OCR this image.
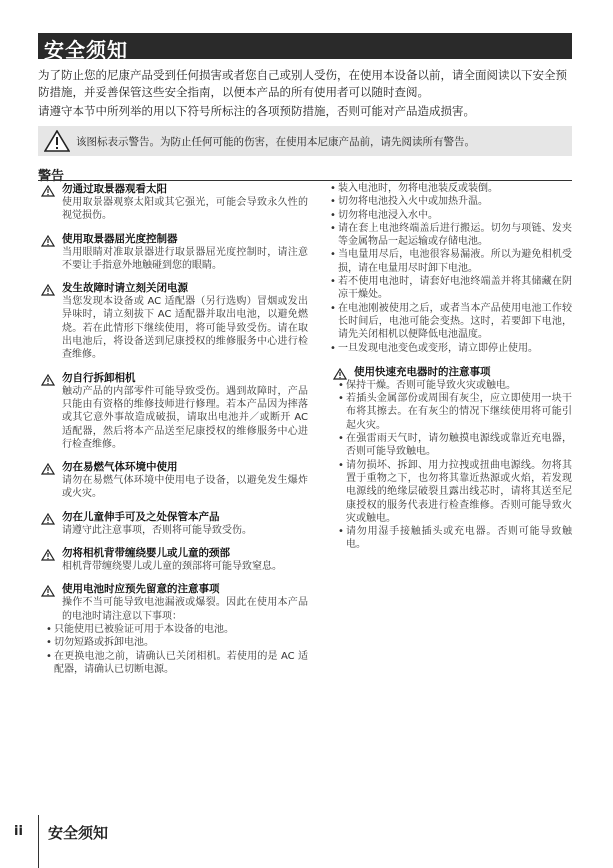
安全须知
为了防止您的尼康产品受到任何损害或者您自己或别人受伤，在使用本设备以前，请全面阅读以下安全预防措施，并妥善保管这些安全指南，以便本产品的所有使用者可以随时查阅。
请遵守本节中所列举的用以下符号所标注的各项预防措施，否则可能对产品造成损害。
该图标表示警告。为防止任何可能的伤害，在使用本尼康产品前，请先阅读所有警告。
警告
勿通过取景器观看太阳
使用取景器观察太阳或其它强光，可能会导致永久性的视觉损伤。
使用取景器屈光度控制器
当用眼睛对准取景器进行取景器屈光度控制时，请注意不要让手指意外地触碰到您的眼睛。
发生故障时请立刻关闭电源
当您发现本设备或 AC 适配器（另行选购）冒烟或发出异味时，请立刻拔下 AC 适配器并取出电池，以避免燃烧。若在此情形下继续使用，将可能导致受伤。请在取出电池后，将设备送到尼康授权的维修服务中心进行检查维修。
勿自行拆卸相机
触动产品的内部零件可能导致受伤。遇到故障时，产品只能由有资格的维修技师进行修理。若本产品因为摔落或其它意外事故造成破损，请取出电池并／或断开 AC 适配器，然后将本产品送至尼康授权的维修服务中心进行检查维修。
勿在易燃气体环境中使用
请勿在易燃气体环境中使用电子设备，以避免发生爆炸或火灾。
勿在儿童伸手可及之处保管本产品
请遵守此注意事项，否则将可能导致受伤。
勿将相机背带缠绕婴儿或儿童的颈部
相机背带缠绕婴儿或儿童的颈部将可能导致窒息。
使用电池时应预先留意的注意事项
操作不当可能导致电池漏液或爆裂。因此在使用本产品的电池时请注意以下事项：
• 只能使用已被验证可用于本设备的电池。
• 切勿短路或拆卸电池。
• 在更换电池之前，请确认已关闭相机。若使用的是 AC 适配器，请确认已切断电源。
• 装入电池时，勿将电池装反或装倒。
• 切勿将电池投入火中或加热升温。
• 切勿将电池浸入水中。
• 请在套上电池终端盖后进行搬运。切勿与项链、发夹等金属物品一起运输或存储电池。
• 当电量用尽后，电池很容易漏液。所以为避免相机受损，请在电量用尽时卸下电池。
• 若不使用电池时，请套好电池终端盖并将其储藏在阴凉干燥处。
• 在电池刚被使用之后，或者当本产品使用电池工作较长时间后，电池可能会变热。这时，若要卸下电池，请先关闭相机以便降低电池温度。
• 一旦发现电池变色或变形，请立即停止使用。
使用快速充电器时的注意事项
• 保持干燥。否则可能导致火灾或触电。
• 若插头金属部份或周围有灰尘，应立即使用一块干布将其擦去。在有灰尘的情况下继续使用将可能引起火灾。
• 在强雷雨天气时，请勿触摸电源线或靠近充电器，否则可能导致触电。
• 请勿损坏、拆卸、用力拉拽或扭曲电源线。勿将其置于重物之下，也勿将其靠近热源或火焰，若发现电源线的绝缘层破裂且露出线芯时，请将其送至尼康授权的服务代表进行检查维修。否则可能导致火灾或触电。
• 请勿用湿手接触插头或充电器。否则可能导致触电。
ii 安全须知
